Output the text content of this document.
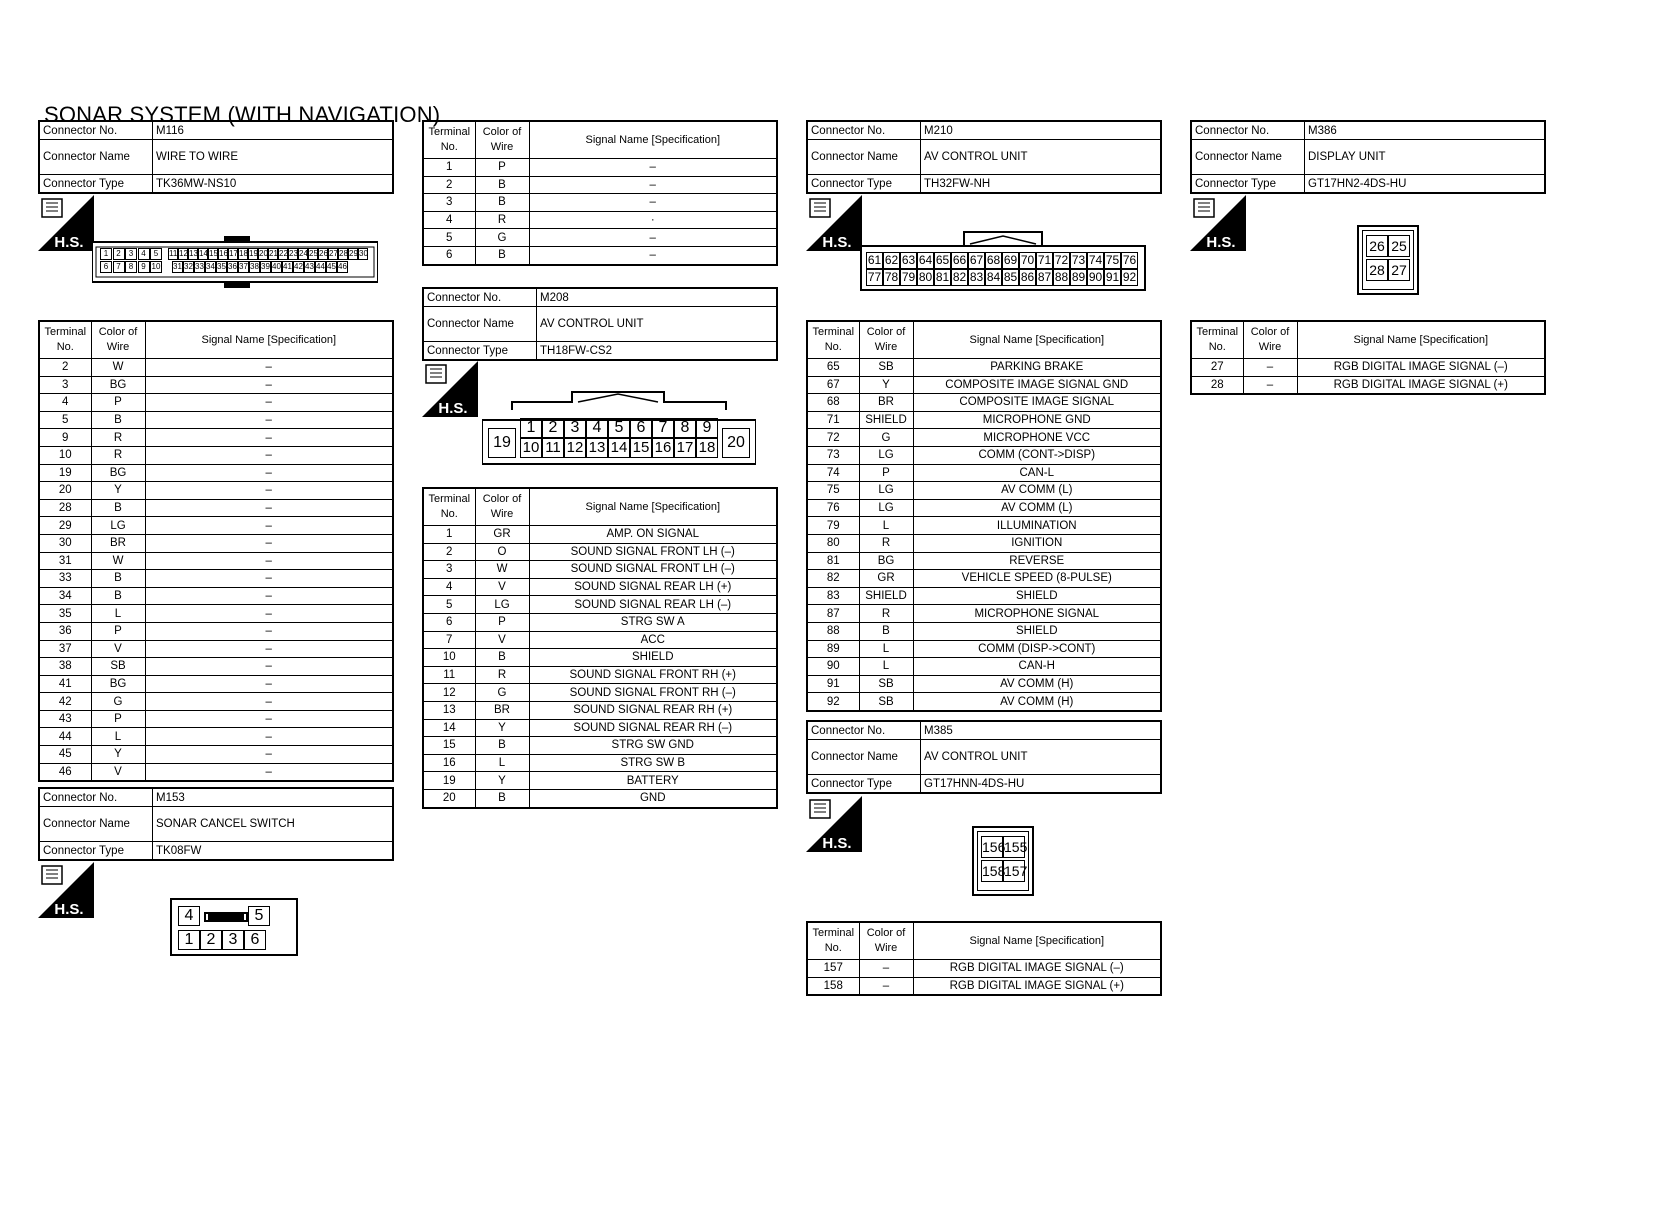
SONAR SYSTEM (WITH NAVIGATION)
Connector No.	M116
Connector Name	WIRE TO WIRE
Connector Type	TK36MW-NS10
H.S.
1	2	3	4	5	11 12 13 14 15 16 17 18 19 20 21 22 23 24 25 26 27 28 29 30
6	7	8	9 10 31 32 33 34 35 36 37 38 39 40 41 42 43 44 45 46
Terminal No.	Color of Wire	Signal Name [Specification]
2	W	–
3	BG	–
4	P	–
5	B	–
9	R	–
10	R	–
19	BG	–
20	Y	–
28	B	–
29	LG	–
30	BR	–
31	W	–
33	B	–
34	B	–
35	L	–
36	P	–
37	V	–
38	SB	–
41	BG	–
42	G	–
43	P	–
44	L	–
45	Y	–
46	V	–
Terminal No.	Color of Wire	Signal Name [Specification]
1	P	–
2	B	–
3	B	–
4	R	·
5	G	–
6	B	–
Connector No.	M153
Connector Name	SONAR CANCEL SWITCH
Connector Type	TK08FW
H.S.	4	5
1 2 3 6
Connector No.	M208
Connector Name	AV CONTROL UNIT
Connector Type	TH18FW-CS2
H.S.
1 2 3 4 5 6 7 8 9
10 11 12 13 14 15 16 17 18
19	20
Terminal No.	Color of Wire	Signal Name [Specification]
1	GR	AMP. ON SIGNAL
2	O	SOUND SIGNAL FRONT LH (–)
3	W	SOUND SIGNAL FRONT LH (–)
4	V	SOUND SIGNAL REAR LH (+)
5	LG	SOUND SIGNAL REAR LH (–)
6	P	STRG SW A
7	V	ACC
10	B	SHIELD
11	R	SOUND SIGNAL FRONT RH (+)
12	G	SOUND SIGNAL FRONT RH (–)
13	BR	SOUND SIGNAL REAR RH (+)
14	Y	SOUND SIGNAL REAR RH (–)
15	B	STRG SW GND
16	L	STRG SW B
19	Y	BATTERY
20	B	GND
Connector No.	M210
Connector Name	AV CONTROL UNIT
Connector Type	TH32FW-NH
H.S.
61 62 63 64 65 66 67 68 69 70 71 72 73 74 75 76
77 78 79 80 81 82 83 84 85 86 87 88 89 90 91 92
Terminal No.	Color of Wire	Signal Name [Specification]
65	SB	PARKING BRAKE
67	Y	COMPOSITE IMAGE SIGNAL GND
68	BR	COMPOSITE IMAGE SIGNAL
71	SHIELD	MICROPHONE GND
72	G	MICROPHONE VCC
73	LG	COMM (CONT->DISP)
74	P	CAN-L
75	LG	AV COMM (L)
76	LG	AV COMM (L)
79	L	ILLUMINATION
80	R	IGNITION
81	BG	REVERSE
82	GR	VEHICLE SPEED (8-PULSE)
83	SHIELD	SHIELD
87	R	MICROPHONE SIGNAL
88	B	SHIELD
89	L	COMM (DISP->CONT)
90	L	CAN-H
91	SB	AV COMM (H)
92	SB	AV COMM (H)
Connector No.	M385
Connector Name	AV CONTROL UNIT
Connector Type	GT17HNN-4DS-HU
H.S.	156
155
158
157
Terminal No.	Color of Wire	Signal Name [Specification]
157	–	RGB DIGITAL IMAGE SIGNAL (–)
158	–	RGB DIGITAL IMAGE SIGNAL (+)
Connector No.	M386
Connector Name	DISPLAY UNIT
Connector Type	GT17HN2-4DS-HU
H.S.	26 25
28 27
Terminal No.	Color of Wire	Signal Name [Specification]
27	–	RGB DIGITAL IMAGE SIGNAL (–)
28	–	RGB DIGITAL IMAGE SIGNAL (+)
